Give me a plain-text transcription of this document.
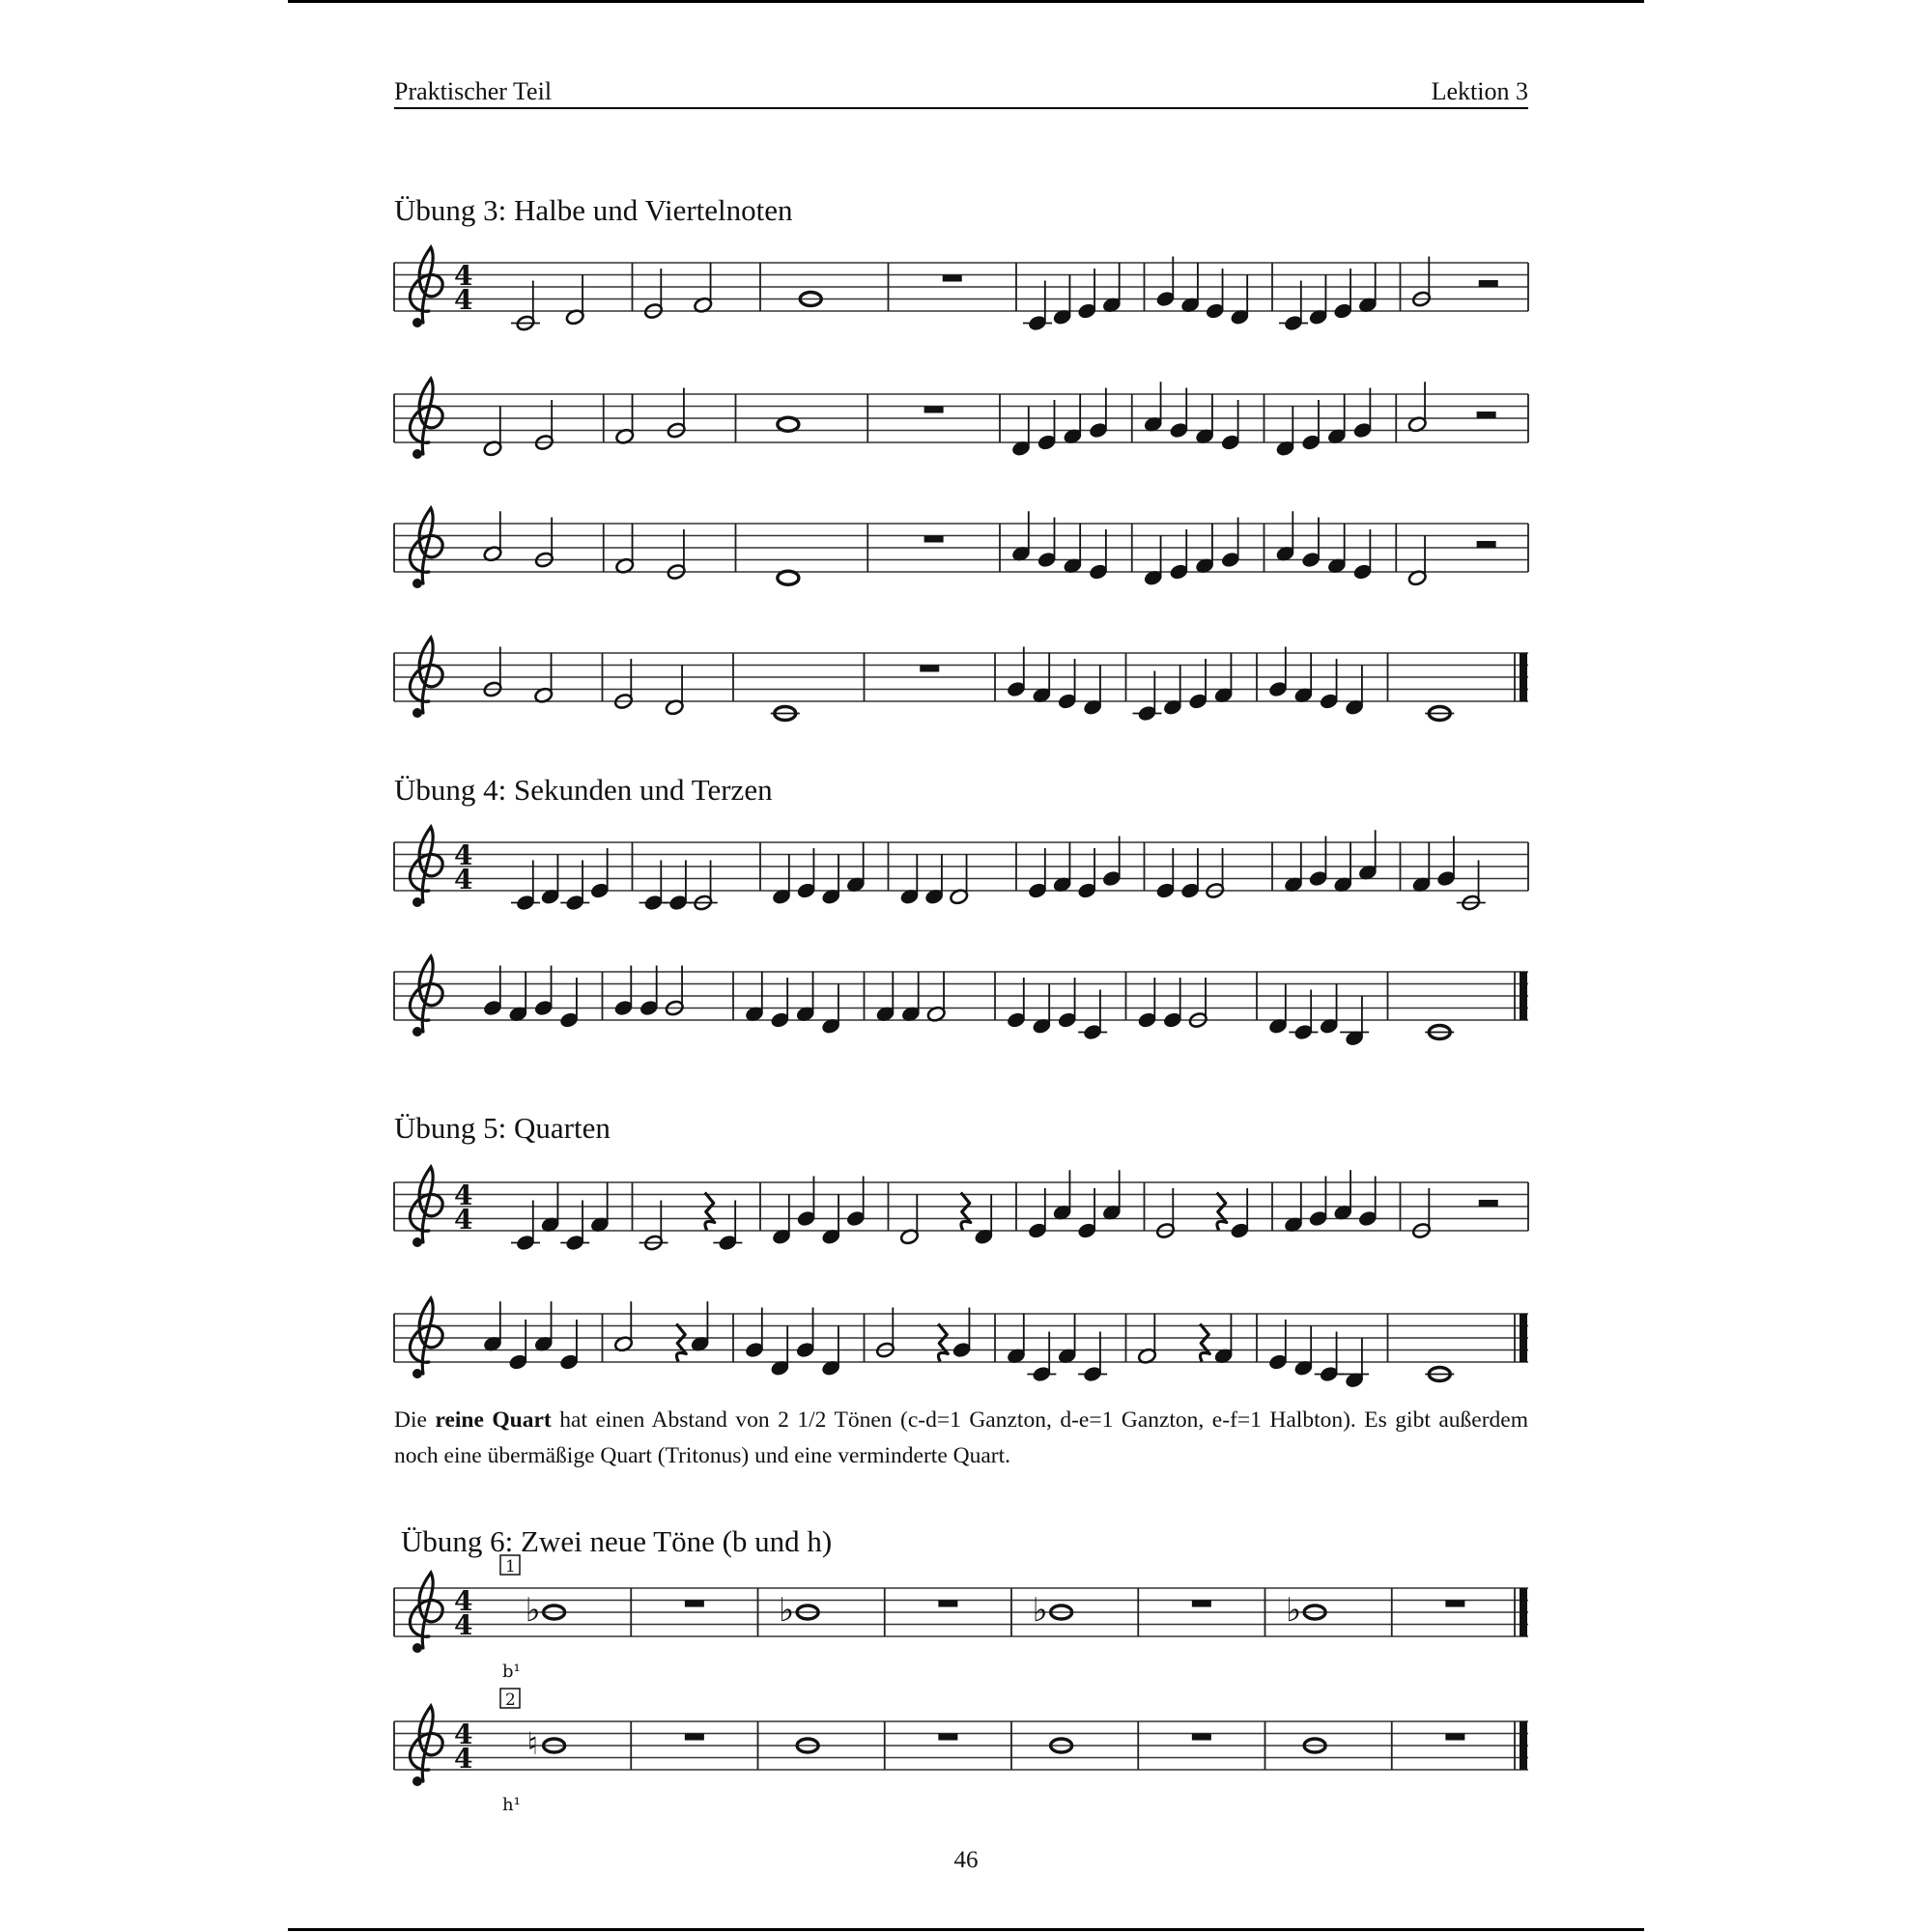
Praktischer Teil	Lektion 3
Übung 3: Halbe und Viertelnoten
Übung 4: Sekunden und Terzen
Übung 5: Quarten
Übung 6: Zwei neue Töne (b und h)
4
4
4
4
4
4
4
4 ♭	♭	♭	♭
4
4 ♮
1
b¹
2
h¹
Die reine Quart hat einen Abstand von 2 1/2 Tönen (c-d=1 Ganzton, d-e=1 Ganzton, e-f=1 Halbton). Es gibt außerdem noch eine übermäßige Quart (Tritonus) und eine verminderte Quart.
46
